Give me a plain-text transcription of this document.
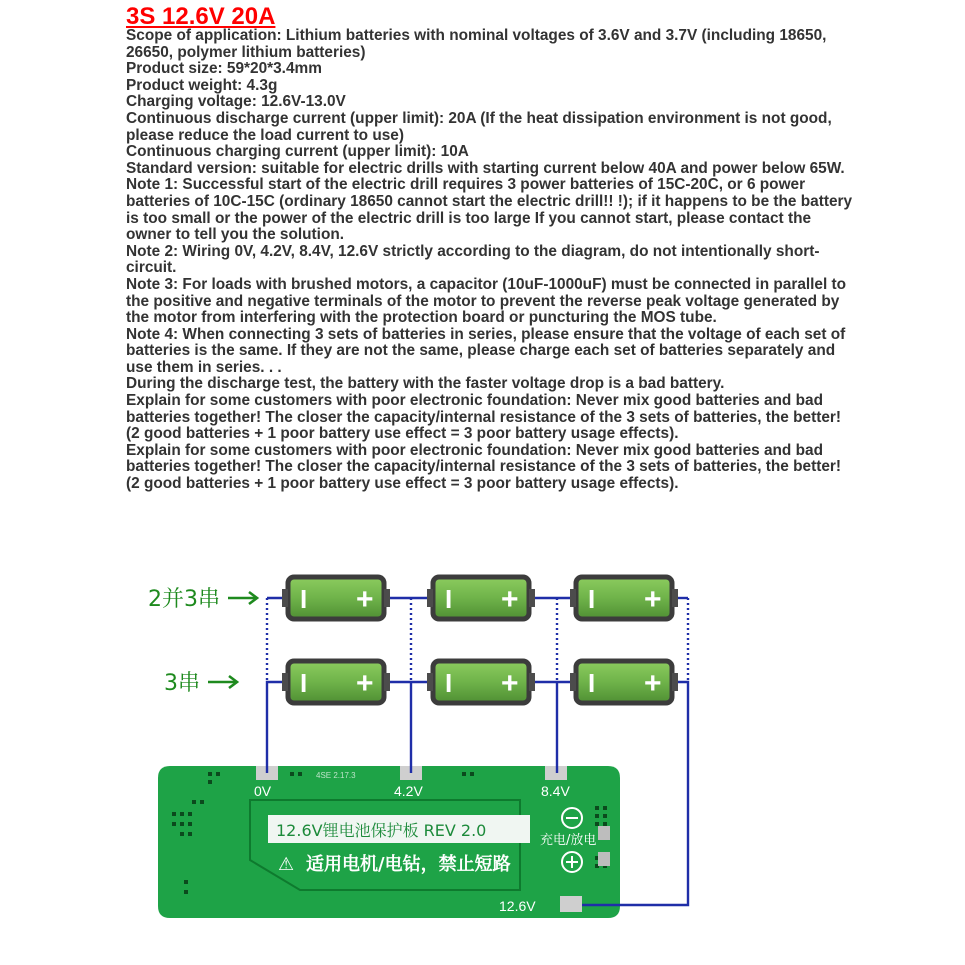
3S 12.6V 20A

Scope of application: Lithium batteries with nominal voltages of 3.6V and 3.7V (including 18650, 26650, polymer lithium batteries)

Product size: 59*20*3.4mm

Product weight: 4.3g

Charging voltage: 12.6V-13.0V

Continuous discharge current (upper limit): 20A (If the heat dissipation environment is not good, please reduce the load current to use)

Continuous charging current (upper limit): 10A

Standard version: suitable for electric drills with starting current below 40A and power below 65W.

Note 1: Successful start of the electric drill requires 3 power batteries of 15C-20C, or 6 power batteries of 10C-15C (ordinary 18650 cannot start the electric drill!! !); if it happens to be the battery is too small or the power of the electric drill is too large If you cannot start, please contact the owner to tell you the solution.

Note 2: Wiring 0V, 4.2V, 8.4V, 12.6V strictly according to the diagram, do not intentionally short-circuit.

Note 3: For loads with brushed motors, a capacitor (10uF-1000uF) must be connected in parallel to the positive and negative terminals of the motor to prevent the reverse peak voltage generated by the motor from interfering with the protection board or puncturing the MOS tube.

Note 4: When connecting 3 sets of batteries in series, please ensure that the voltage of each set of batteries is the same. If they are not the same, please charge each set of batteries separately and use them in series. . .

During the discharge test, the battery with the faster voltage drop is a bad battery.

Explain for some customers with poor electronic foundation: Never mix good batteries and bad batteries together! The closer the capacity/internal resistance of the 3 sets of batteries, the better! (2 good batteries + 1 poor battery use effect = 3 poor battery usage effects).

Explain for some customers with poor electronic foundation: Never mix good batteries and bad batteries together! The closer the capacity/internal resistance of the 3 sets of batteries, the better! (2 good batteries + 1 poor battery use effect = 3 poor battery usage effects).

4SE 2.17.3
12.6V锂电池保护板 REV 2.0
⚠ 适用电机/电钻，禁止短路
充电/放电
0V	4.2V	8.4V
12.6V
I +	I +	I +
I +	I +	I +
2并3串
3串
